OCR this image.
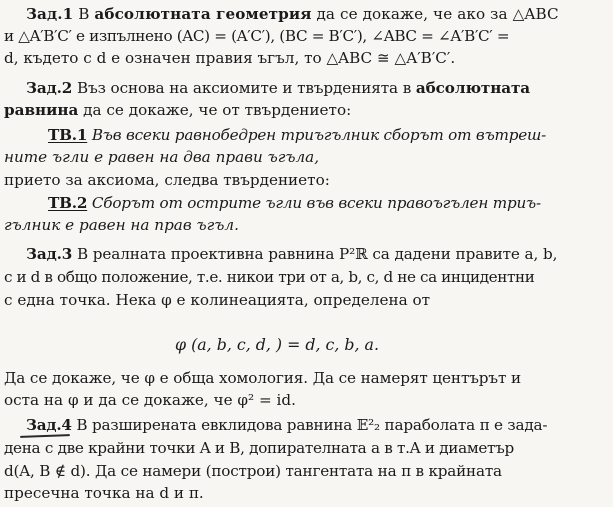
Зад.1 В абсолютната геометрия да се докаже, че ако за △ABC
и △A′B′C′ е изпълнено (AC) = (A′C′), (BC = B′C′), ∠ABC = ∠A′B′C′ =
d, където с d е означен правия ъгъл, то △ABC ≅ △A′B′C′.
Зад.2 Въз основа на аксиомите и твърденията в абсолютната
равнина да се докаже, че от твърдението:
ТВ.1 Във всеки равнобедрен триъгълник сборът от вътреш-
ните ъгли е равен на два прави ъгъла,
прието за аксиома, следва твърдението:
ТВ.2 Сборът от острите ъгли във всеки правоъгълен триъ-
гълник е равен на прав ъгъл.
Зад.3 В реалната проективна равнина P²ℝ са дадени правите a, b,
c и d в общо положение, т.е. никои три от a, b, c, d не са инцидентни
с една точка. Нека φ е колинеацията, определена от
φ (a, b, c, d, ) = d, c, b, a.
Да се докаже, че φ е обща хомология. Да се намерят центърът и
оста на φ и да се докаже, че φ² = id.
Зад.4 В разширената евклидова равнина 𝔼²₂ параболата π е зада-
дена с две крайни точки A и B, допирателната a в т.A и диаметър
d(A, B ∉ d). Да се намери (построи) тангентата на π в крайната
пресечна точка на d и π.
